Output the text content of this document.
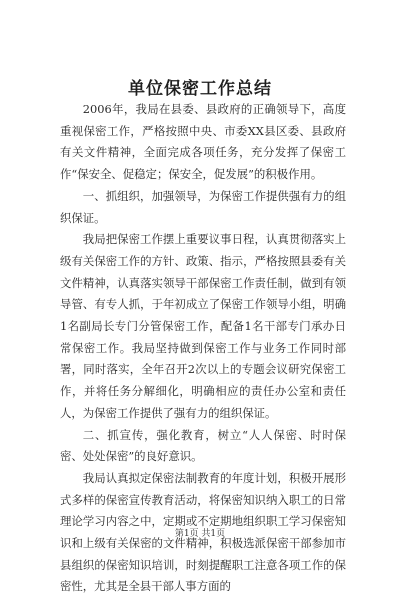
单位保密工作总结

2006年，我局在县委、县政府的正确领导下，高度重视保密工作，严格按照中央、市委XX县区委、县政府有关文件精神，全面完成各项任务，充分发挥了保密工作“保安全、促稳定；保安全，促发展”的积极作用。

一、抓组织，加强领导，为保密工作提供强有力的组织保证。

我局把保密工作摆上重要议事日程，认真贯彻落实上级有关保密工作的方针、政策、指示，严格按照县委有关文件精神，认真落实领导干部保密工作责任制，做到有领导管、有专人抓，于年初成立了保密工作领导小组，明确1名副局长专门分管保密工作，配备1名干部专门承办日常保密工作。我局坚持做到保密工作与业务工作同时部署，同时落实，全年召开2次以上的专题会议研究保密工作，并将任务分解细化，明确相应的责任办公室和责任人，为保密工作提供了强有力的组织保证。

二、抓宣传，强化教育，树立“人人保密、时时保密、处处保密”的良好意识。

我局认真拟定保密法制教育的年度计划，积极开展形式多样的保密宣传教育活动，将保密知识纳入职工的日常理论学习内容之中，定期或不定期地组织职工学习保密知识和上级有关保密的文件精神，积极选派保密干部参加市县组织的保密知识培训，时刻提醒职工注意各项工作的保密性，尤其是全县干部人事方面的

第1页 共1页
